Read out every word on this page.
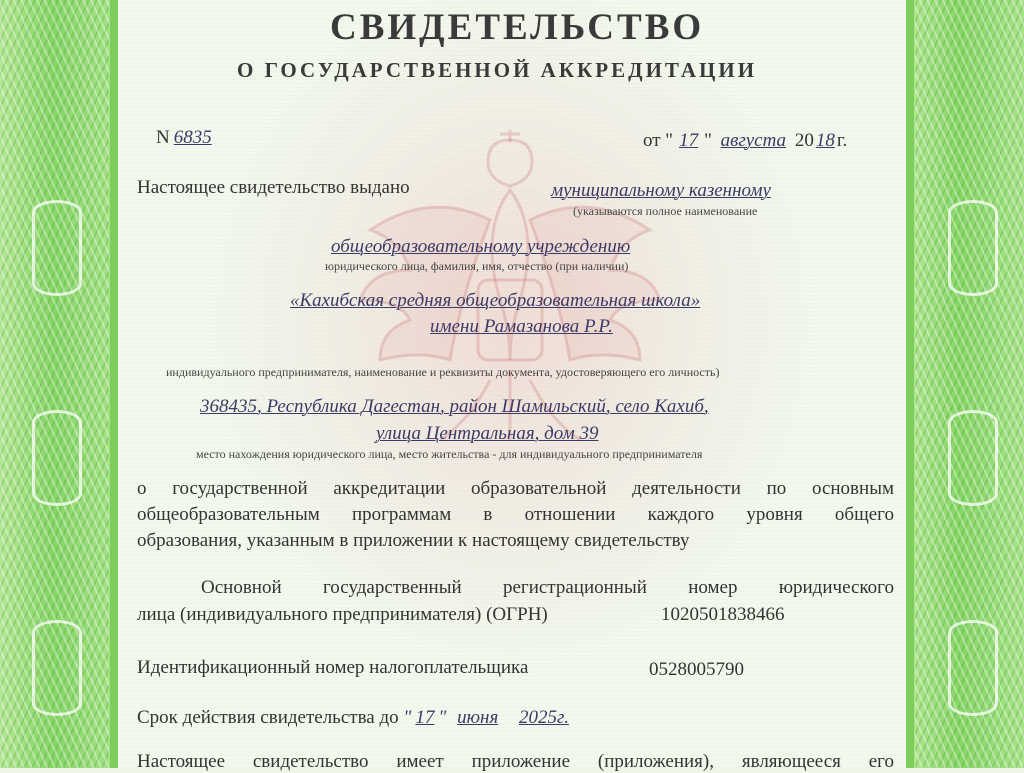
СВИДЕТЕЛЬСТВО
О ГОСУДАРСТВЕННОЙ АККРЕДИТАЦИИ
N 6835	от " 17 " августа 20 18 г.
Настоящее свидетельство выдано	муниципальному казенному
(указываются полное наименование
общеобразовательному учреждению
юридического лица, фамилия, имя, отчество (при наличии)
«Кахибская средняя общеобразовательная школа»
имени Рамазанова Р.Р.
индивидуального предпринимателя, наименование и реквизиты документа, удостоверяющего его личность)
368435, Республика Дагестан, район Шамильский, село Кахиб,
улица Центральная, дом 39
место нахождения юридического лица, место жительства - для индивидуального предпринимателя
о государственной аккредитации образовательной деятельности по основным
общеобразовательным программам в отношении каждого уровня общего
образования, указанным в приложении к настоящему свидетельству
Основной государственный регистрационный номер юридического
лица (индивидуального предпринимателя) (ОГРН)	1020501838466
Идентификационный номер налогоплательщика	0528005790
Срок действия свидетельства до " 17 " июня 2025г.
Настоящее свидетельство имеет приложение (приложения), являющееся его
